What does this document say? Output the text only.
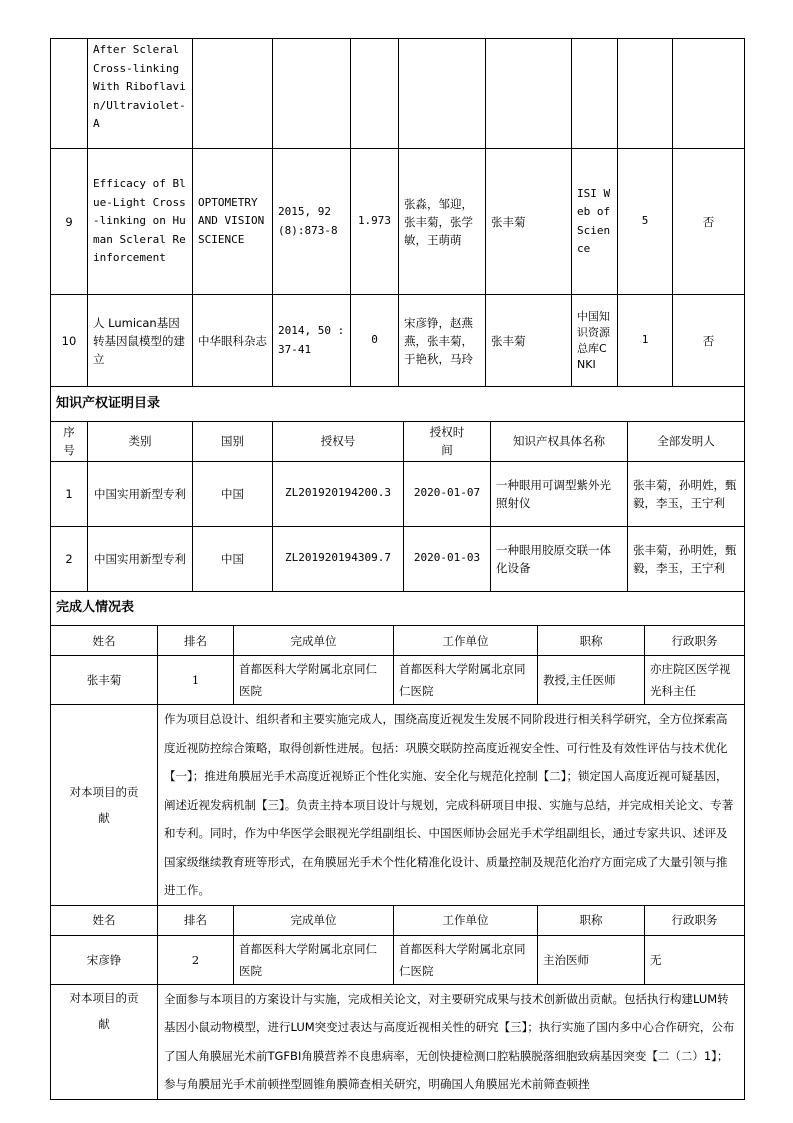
	After Scleral Cross-linking With Riboflavin/Ultraviolet-A								
9	Efficacy of Blue-Light Cross-linking on Human Scleral Reinforcement	OPTOMETRY AND VISION SCIENCE	2015, 92 (8):873-8	1.973	张淼，邹迎，张丰菊，张学敏，王萌萌	张丰菊	ISI Web of Science	5	否
10	人 Lumican基因转基因鼠模型的建立	中华眼科杂志	2014, 50 : 37-41	0	宋彦铮，赵燕燕，张丰菊，于艳秋，马玲	张丰菊	中国知识资源总库CNKI	1	否
知识产权证明目录						
序号	类别	国别	授权号	授权时间	知识产权具体名称	全部发明人
1	中国实用新型专利	中国	ZL201920194200.3	2020-01-07	一种眼用可调型紫外光照射仪	张丰菊，孙明姓，甄毅，李玉，王宁利
2	中国实用新型专利	中国	ZL201920194309.7	2020-01-03	一种眼用胶原交联一体化设备	张丰菊，孙明姓，甄毅，李玉，王宁利
完成人情况表					
姓名	排名	完成单位	工作单位	职称	行政职务
张丰菊	1	首都医科大学附属北京同仁医院	首都医科大学附属北京同仁医院	教授,主任医师	亦庄院区医学视光科主任
对本项目的贡献	作为项目总设计、组织者和主要实施完成人，围绕高度近视发生发展不同阶段进行相关科学研究，全方位探索高度近视防控综合策略，取得创新性进展。包括：巩膜交联防控高度近视安全性、可行性及有效性评估与技术优化【一】；推进角膜屈光手术高度近视矫正个性化实施、安全化与规范化控制【二】；锁定国人高度近视可疑基因，阐述近视发病机制【三】。负责主持本项目设计与规划，完成科研项目申报、实施与总结，并完成相关论文、专著和专利。同时，作为中华医学会眼视光学组副组长、中国医师协会屈光手术学组副组长，通过专家共识、述评及国家级继续教育班等形式，在角膜屈光手术个性化精准化设计、质量控制及规范化治疗方面完成了大量引领与推进工作。				
姓名	排名	完成单位	工作单位	职称	行政职务
宋彦铮	2	首都医科大学附属北京同仁医院	首都医科大学附属北京同仁医院	主治医师	无
对本项目的贡献	全面参与本项目的方案设计与实施，完成相关论文，对主要研究成果与技术创新做出贡献。包括执行构建LUM转基因小鼠动物模型，进行LUM突变过表达与高度近视相关性的研究【三】；执行实施了国内多中心合作研究，公布了国人角膜屈光术前TGFBI角膜营养不良患病率，无创快捷检测口腔粘膜脱落细胞致病基因突变【二（二）1】；参与角膜屈光手术前顿挫型圆锥角膜筛查相关研究，明确国人角膜屈光术前筛查顿挫				
